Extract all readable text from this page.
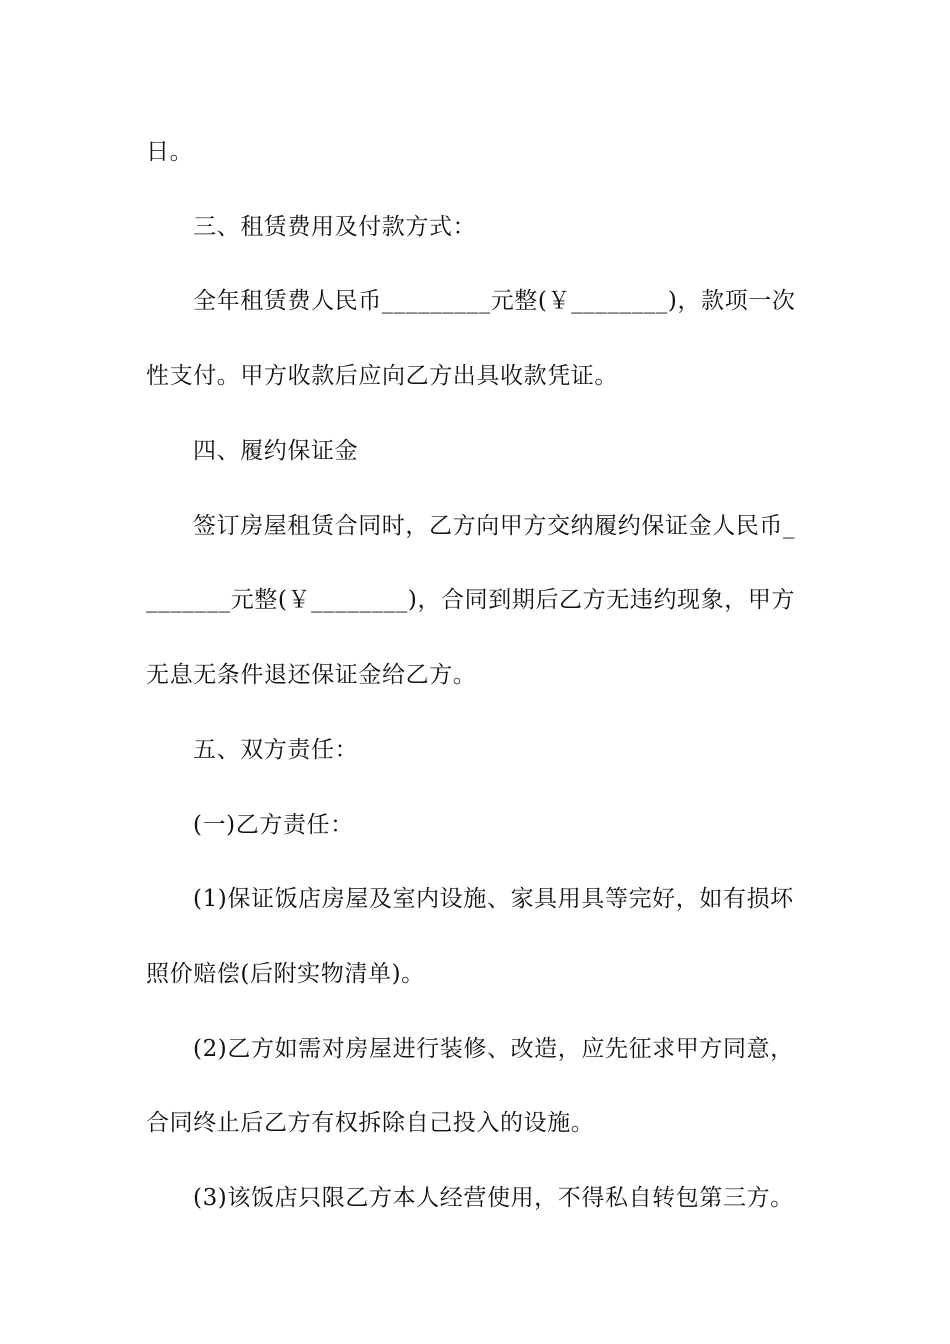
日。
三、租赁费用及付款方式：
全年租赁费人民币_________元整(￥________)，款项一次
性支付。甲方收款后应向乙方出具收款凭证。
四、履约保证金
签订房屋租赁合同时，乙方向甲方交纳履约保证金人民币_
_______元整(￥________)，合同到期后乙方无违约现象，甲方
无息无条件退还保证金给乙方。
五、双方责任：
(一)乙方责任：
(1)保证饭店房屋及室内设施、家具用具等完好，如有损坏
照价赔偿(后附实物清单)。
(2)乙方如需对房屋进行装修、改造，应先征求甲方同意，
合同终止后乙方有权拆除自己投入的设施。
(3)该饭店只限乙方本人经营使用，不得私自转包第三方。
